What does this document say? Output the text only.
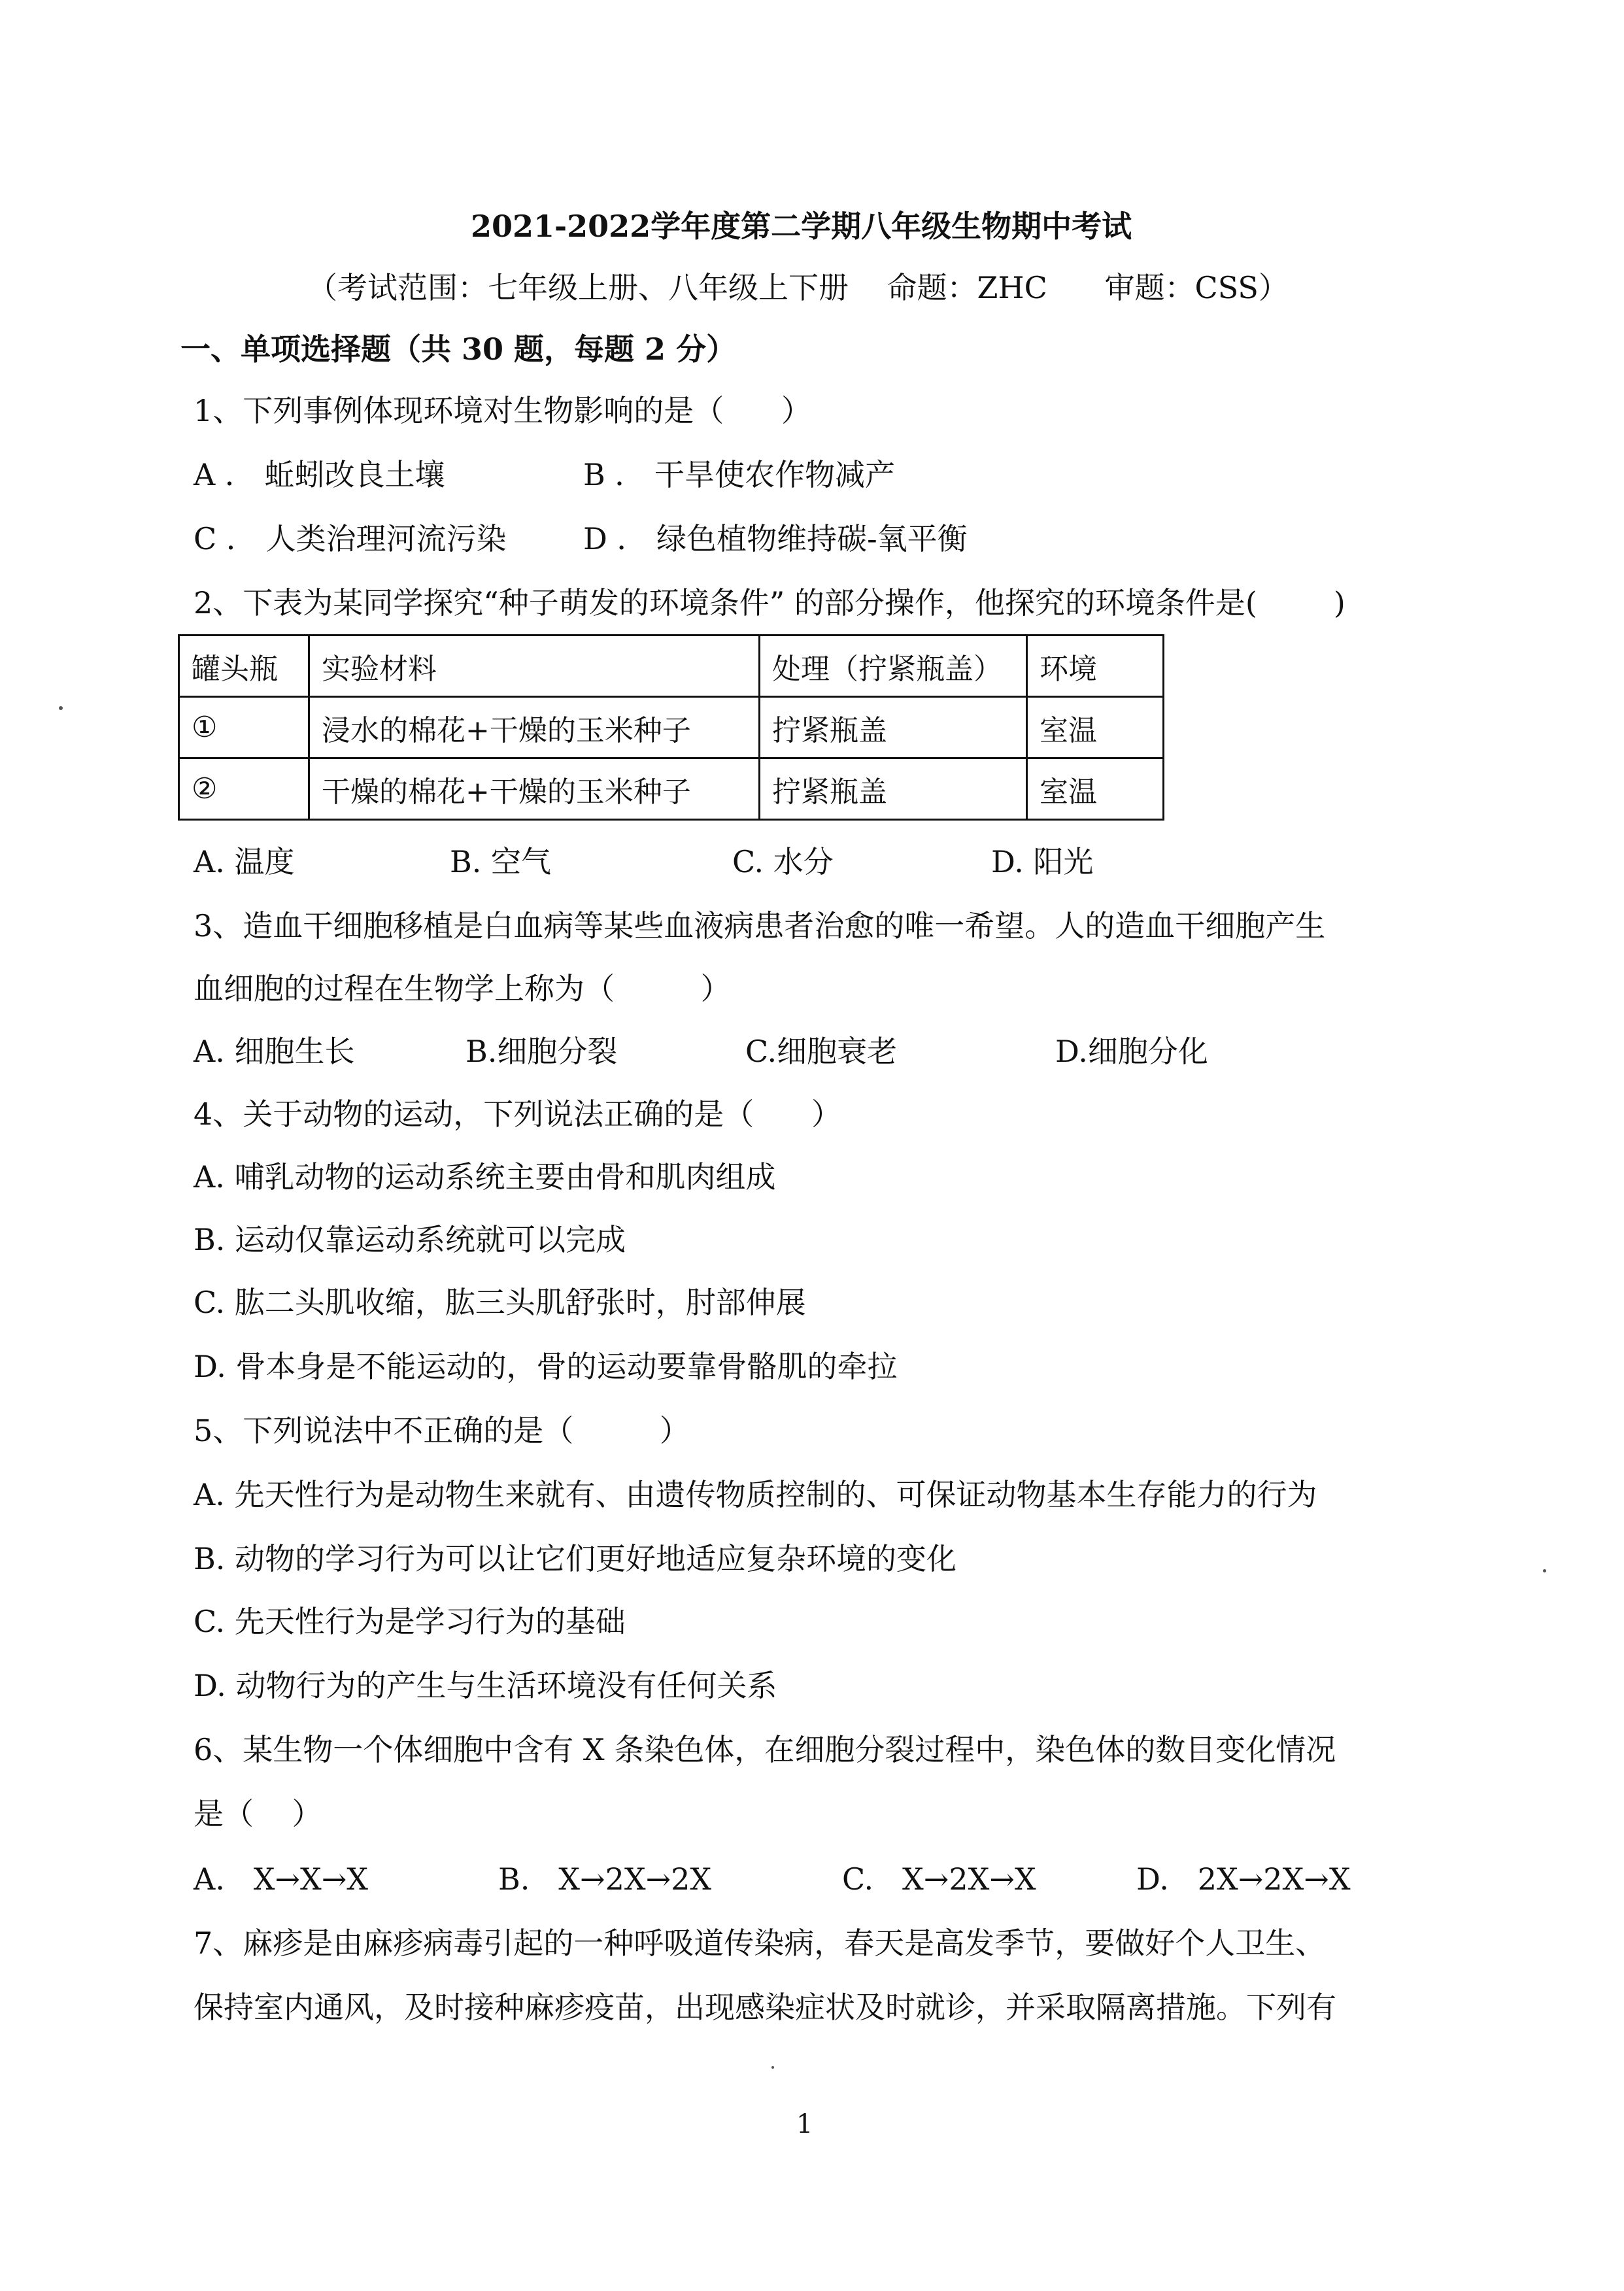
2021-2022学年度第二学期八年级生物期中考试
（考试范围：七年级上册、八年级上下册    命题：ZHC      审题：CSS）
一、单项选择题（共 30 题，每题 2 分）
1、下列事例体现环境对生物影响的是（      ）
A ． 蚯蚓改良土壤	B ． 干旱使农作物减产
C ． 人类治理河流污染	D ． 绿色植物维持碳-氧平衡
2、下表为某同学探究“种子萌发的环境条件” 的部分操作，他探究的环境条件是(        )
罐头瓶	实验材料	处理（拧紧瓶盖）	环境
①	浸水的棉花+干燥的玉米种子	拧紧瓶盖	室温
②	干燥的棉花+干燥的玉米种子	拧紧瓶盖	室温
A. 温度	B. 空气	C. 水分	D. 阳光
3、造血干细胞移植是白血病等某些血液病患者治愈的唯一希望。人的造血干细胞产生
血细胞的过程在生物学上称为（         ）
A. 细胞生长	B.细胞分裂	C.细胞衰老	D.细胞分化
4、关于动物的运动，下列说法正确的是（      ）
A. 哺乳动物的运动系统主要由骨和肌肉组成
B. 运动仅靠运动系统就可以完成
C. 肱二头肌收缩，肱三头肌舒张时，肘部伸展
D. 骨本身是不能运动的，骨的运动要靠骨骼肌的牵拉
5、下列说法中不正确的是（         ）
A. 先天性行为是动物生来就有、由遗传物质控制的、可保证动物基本生存能力的行为
B. 动物的学习行为可以让它们更好地适应复杂环境的变化
C. 先天性行为是学习行为的基础
D. 动物行为的产生与生活环境没有任何关系
6、某生物一个体细胞中含有 X 条染色体，在细胞分裂过程中，染色体的数目变化情况
是（    ）
A.   X→X→X	B.   X→2X→2X	C.   X→2X→X	D.   2X→2X→X
7、麻疹是由麻疹病毒引起的一种呼吸道传染病，春天是高发季节，要做好个人卫生、
保持室内通风，及时接种麻疹疫苗，出现感染症状及时就诊，并采取隔离措施。下列有
1
